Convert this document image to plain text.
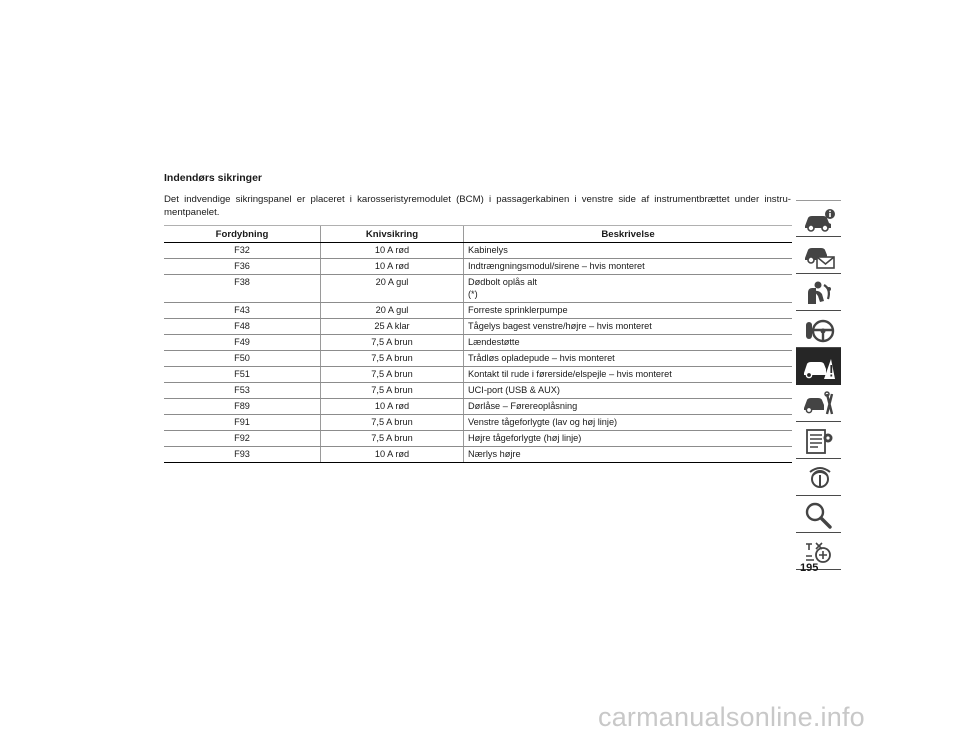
Indendørs sikringer

Det indvendige sikringspanel er placeret i karosseristyremodulet (BCM) i passagerkabinen i venstre side af instrumentbrættet under instru-mentpanelet.

Fordybning	Knivsikring	Beskrivelse
F32	10 A rød	Kabinelys
F36	10 A rød	Indtrængningsmodul/sirene – hvis monteret
F38	20 A gul	Dødbolt oplås alt
(*)

F43	20 A gul	Forreste sprinklerpumpe
F48	25 A klar	Tågelys bagest venstre/højre – hvis monteret
F49	7,5 A brun	Lændestøtte
F50	7,5 A brun	Trådløs opladepude – hvis monteret
F51	7,5 A brun	Kontakt til rude i førerside/elspejle – hvis monteret
F53	7,5 A brun	UCI-port (USB & AUX)
F89	10 A rød	Dørlåse – Førereoplåsning
F91	7,5 A brun	Venstre tågeforlygte (lav og høj linje)
F92	7,5 A brun	Højre tågeforlygte (høj linje)
F93	10 A rød	Nærlys højre
195
carmanualsonline.info
